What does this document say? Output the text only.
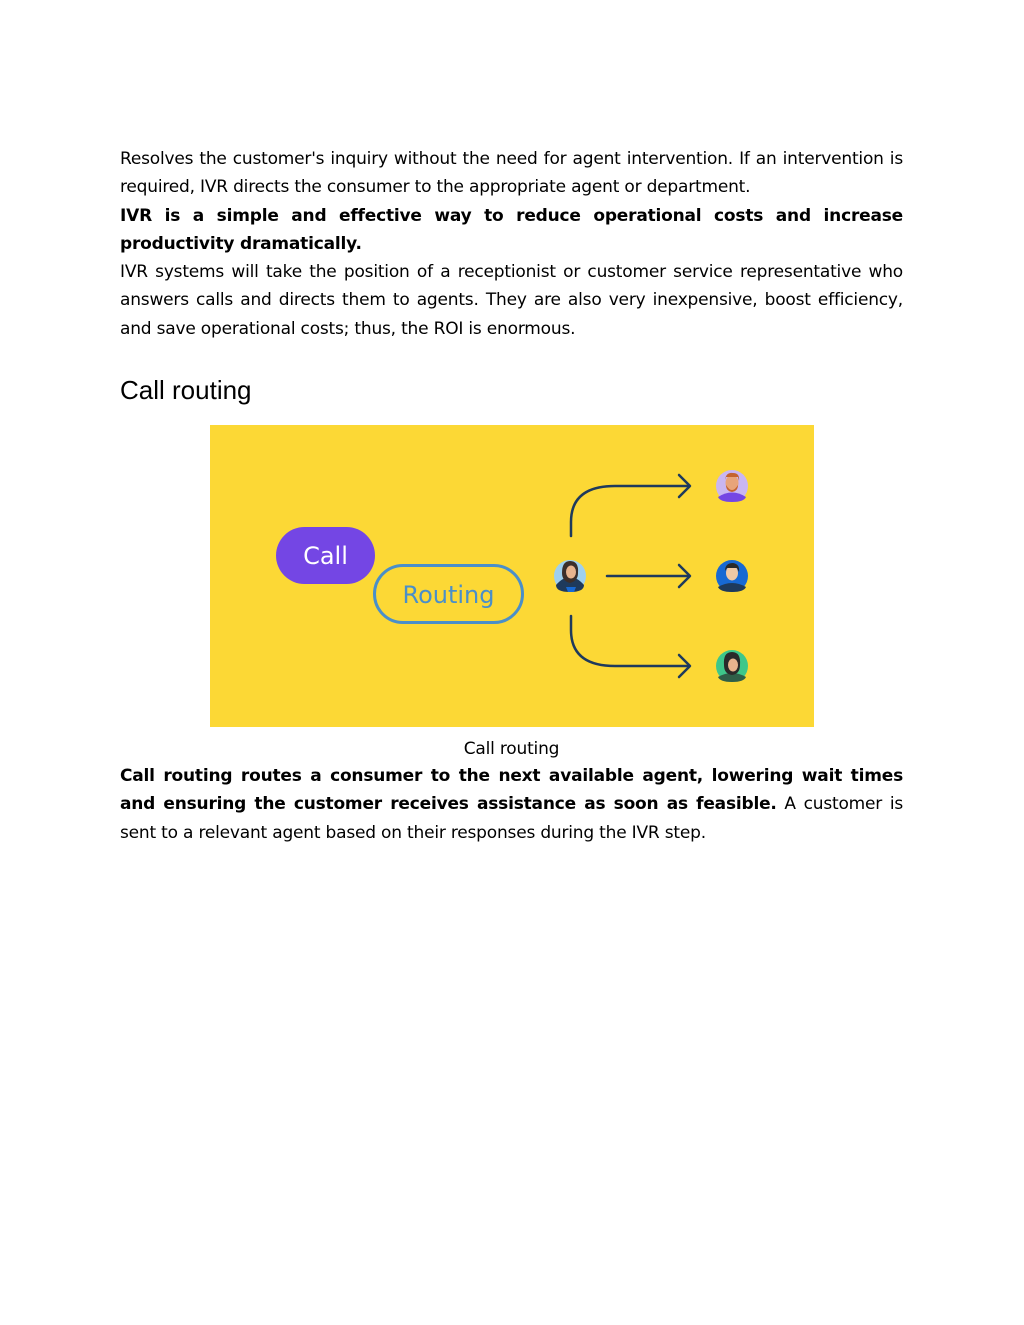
Resolves the customer's inquiry without the need for agent intervention. If an intervention is required, IVR directs the consumer to the appropriate agent or department.

IVR is a simple and effective way to reduce operational costs and increase productivity dramatically.

IVR systems will take the position of a receptionist or customer service representative who answers calls and directs them to agents. They are also very inexpensive, boost efficiency, and save operational costs; thus, the ROI is enormous.

Call routing
Call
Routing
Call routing

Call routing routes a consumer to the next available agent, lowering wait times and ensuring the customer receives assistance as soon as feasible. A customer is sent to a relevant agent based on their responses during the IVR step.
